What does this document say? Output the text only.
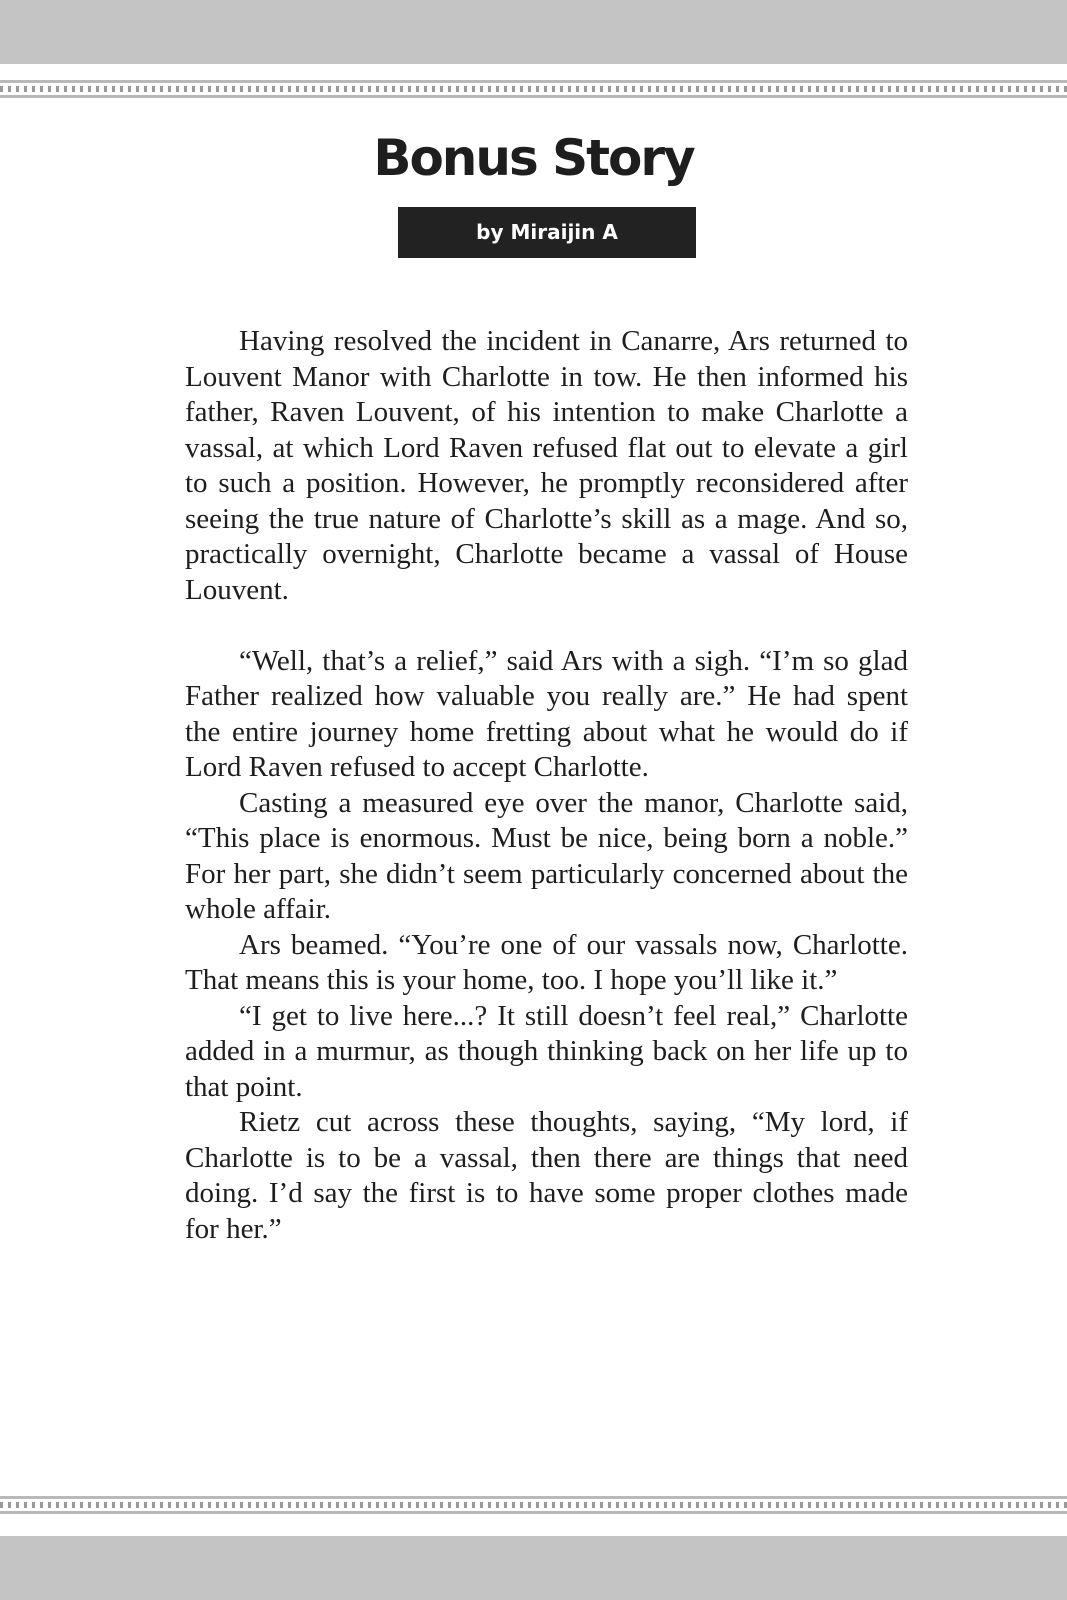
Bonus Story
by Miraijin A

Having resolved the incident in Canarre, Ars returned to Louvent Manor with Charlotte in tow. He then informed his father, Raven Louvent, of his intention to make Charlotte a vassal, at which Lord Raven refused flat out to elevate a girl to such a position. However, he promptly reconsidered after seeing the true nature of Charlotte’s skill as a mage. And so, practically overnight, Charlotte became a vassal of House Louvent.

“Well, that’s a relief,” said Ars with a sigh. “I’m so glad Father realized how valuable you really are.” He had spent the entire journey home fretting about what he would do if Lord Raven refused to accept Charlotte.

Casting a measured eye over the manor, Charlotte said, “This place is enormous. Must be nice, being born a noble.” For her part, she didn’t seem particularly concerned about the whole affair.

Ars beamed. “You’re one of our vassals now, Charlotte. That means this is your home, too. I hope you’ll like it.”

“I get to live here...? It still doesn’t feel real,” Charlotte added in a murmur, as though thinking back on her life up to that point.

Rietz cut across these thoughts, saying, “My lord, if Charlotte is to be a vassal, then there are things that need doing. I’d say the first is to have some proper clothes made for her.”
